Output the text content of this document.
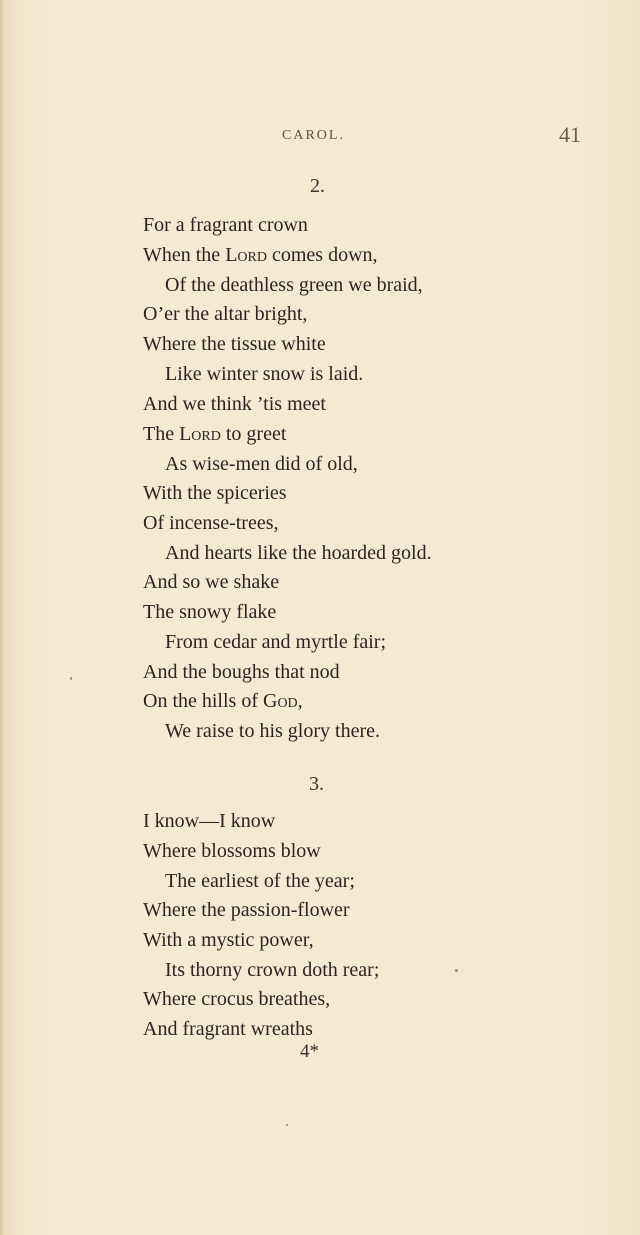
CAROL.	41
2.
For a fragrant crown
When the Lord comes down,
Of the deathless green we braid,
O’er the altar bright,
Where the tissue white
Like winter snow is laid.
And we think ’tis meet
The Lord to greet
As wise-men did of old,
With the spiceries
Of incense-trees,
And hearts like the hoarded gold.
And so we shake
The snowy flake
From cedar and myrtle fair;
And the boughs that nod
On the hills of God,
We raise to his glory there.
3.
I know—I know
Where blossoms blow
The earliest of the year;
Where the passion-flower
With a mystic power,
Its thorny crown doth rear;
Where crocus breathes,
And fragrant wreaths
4*
